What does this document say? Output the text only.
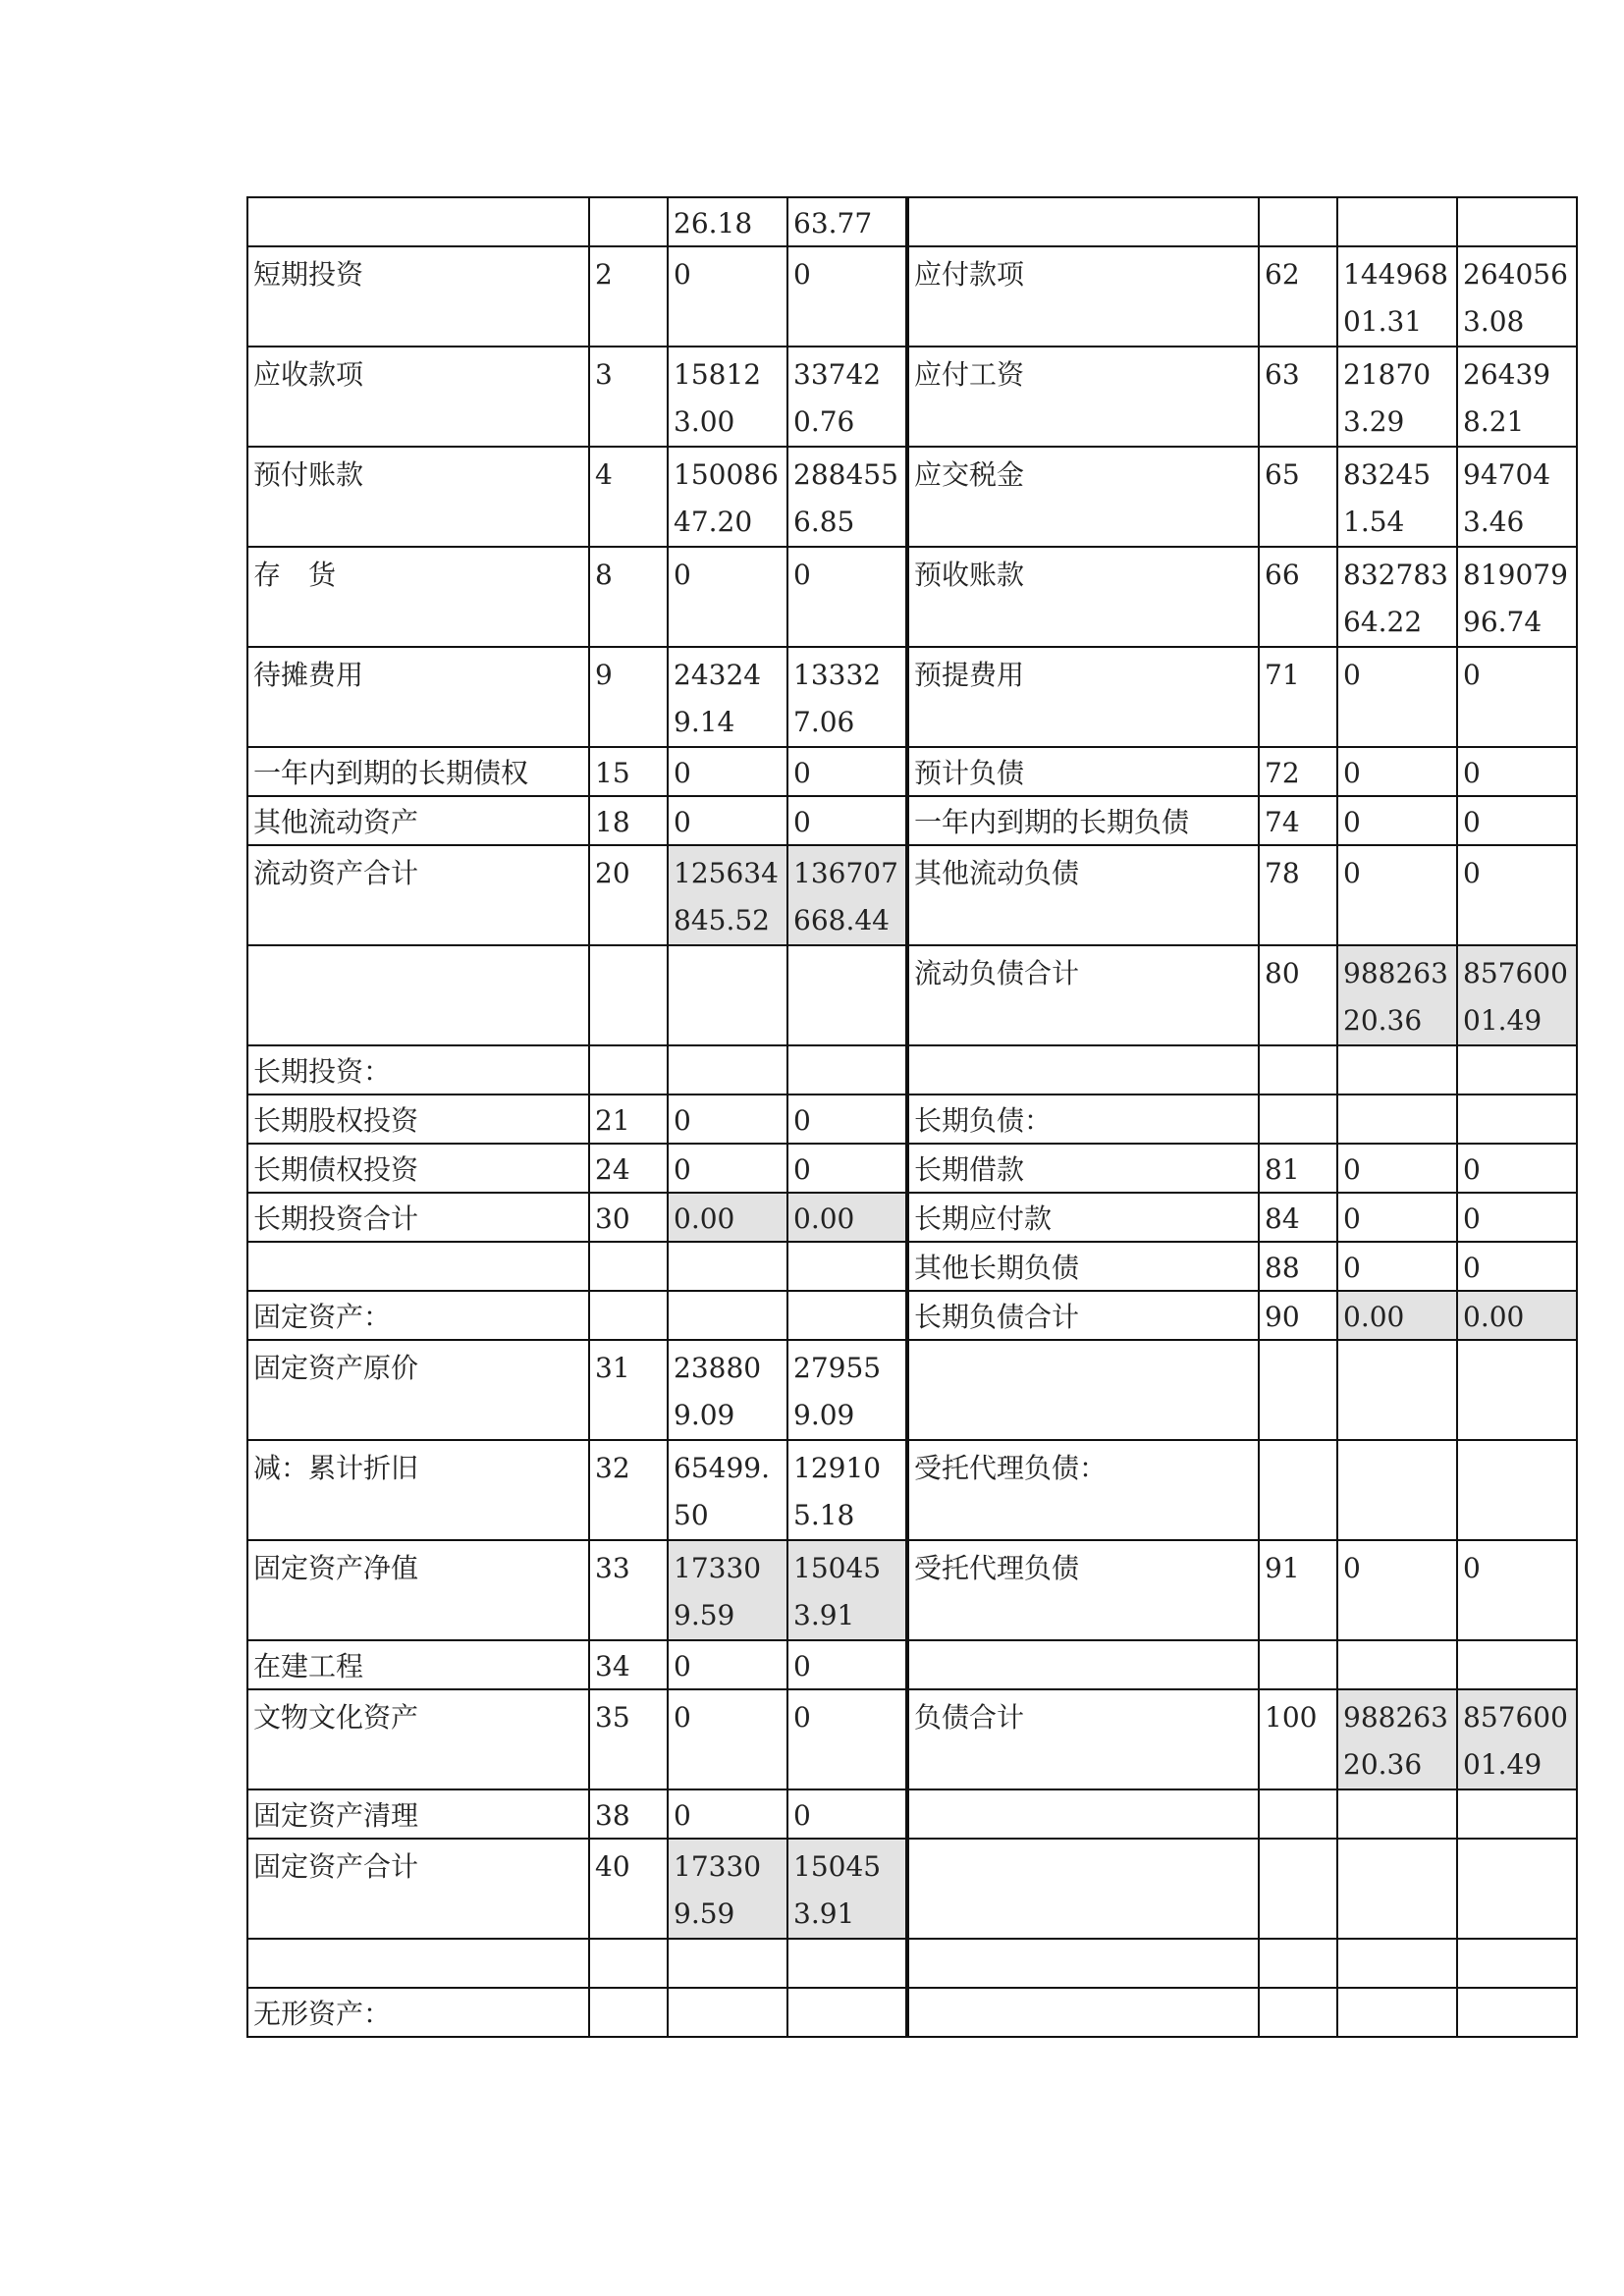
		26.18	63.77				
短期投资	2	0	0	应付款项	62	14496801.31	2640563.08
应收款项	3	158123.00	337420.76	应付工资	63	218703.29	264398.21
预付账款	4	15008647.20	2884556.85	应交税金	65	832451.54	947043.46
存　货	8	0	0	预收账款	66	83278364.22	81907996.74
待摊费用	9	243249.14	133327.06	预提费用	71	0	0
一年内到期的长期债权	15	0	0	预计负债	72	0	0
其他流动资产	18	0	0	一年内到期的长期负债	74	0	0
流动资产合计	20	125634845.52	136707668.44	其他流动负债	78	0	0
				流动负债合计	80	98826320.36	85760001.49
长期投资：							
长期股权投资	21	0	0	长期负债：			
长期债权投资	24	0	0	长期借款	81	0	0
长期投资合计	30	0.00	0.00	长期应付款	84	0	0
				其他长期负债	88	0	0
固定资产：				长期负债合计	90	0.00	0.00
固定资产原价	31	238809.09	279559.09				
减：累计折旧	32	65499.50	129105.18	受托代理负债：			
固定资产净值	33	173309.59	150453.91	受托代理负债	91	0	0
在建工程	34	0	0				
文物文化资产	35	0	0	负债合计	100	98826320.36	85760001.49
固定资产清理	38	0	0				
固定资产合计	40	173309.59	150453.91				

无形资产：							
